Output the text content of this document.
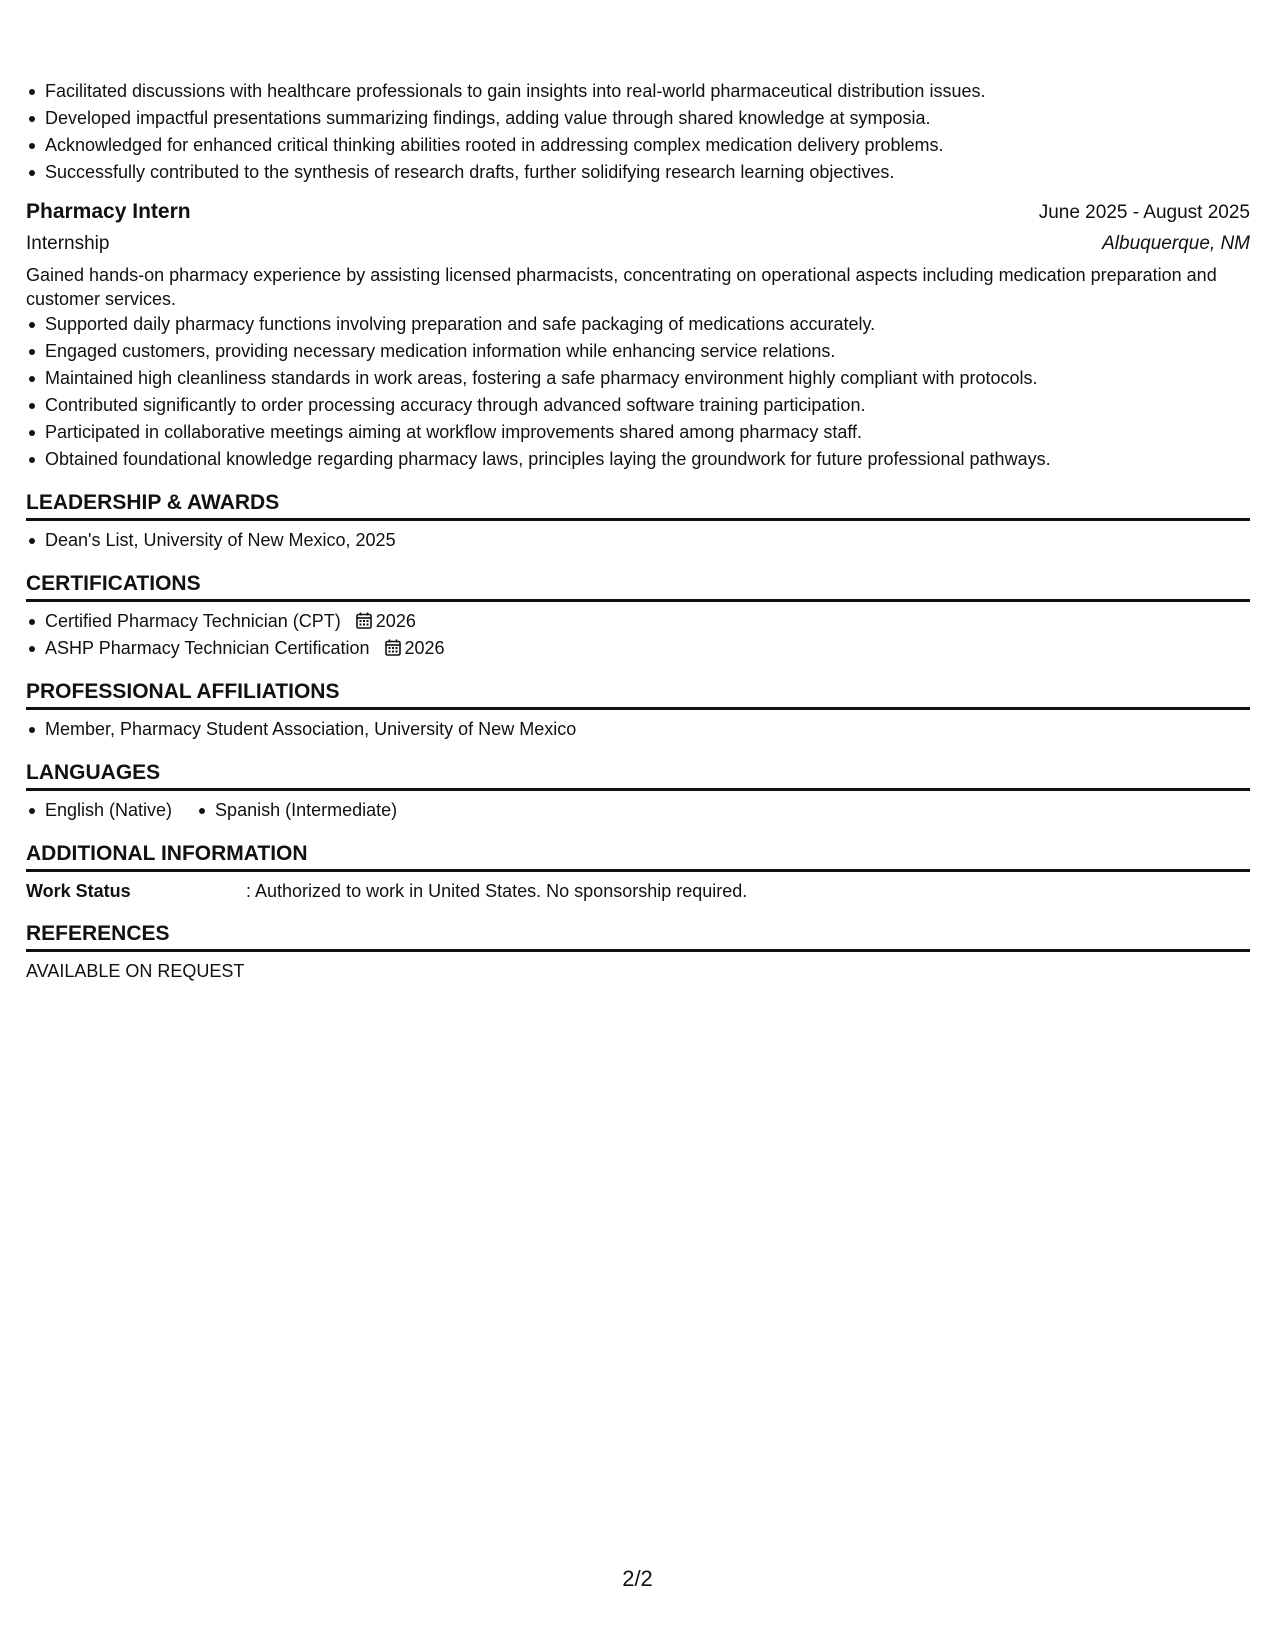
Facilitated discussions with healthcare professionals to gain insights into real-world pharmaceutical distribution issues.
Developed impactful presentations summarizing findings, adding value through shared knowledge at symposia.
Acknowledged for enhanced critical thinking abilities rooted in addressing complex medication delivery problems.
Successfully contributed to the synthesis of research drafts, further solidifying research learning objectives.
Pharmacy Intern	June 2025 - August 2025
Internship	Albuquerque, NM
Gained hands-on pharmacy experience by assisting licensed pharmacists, concentrating on operational aspects including medication preparation and customer services.
Supported daily pharmacy functions involving preparation and safe packaging of medications accurately.
Engaged customers, providing necessary medication information while enhancing service relations.
Maintained high cleanliness standards in work areas, fostering a safe pharmacy environment highly compliant with protocols.
Contributed significantly to order processing accuracy through advanced software training participation.
Participated in collaborative meetings aiming at workflow improvements shared among pharmacy staff.
Obtained foundational knowledge regarding pharmacy laws, principles laying the groundwork for future professional pathways.
LEADERSHIP & AWARDS
Dean's List, University of New Mexico, 2025
CERTIFICATIONS
Certified Pharmacy Technician (CPT) 2026
ASHP Pharmacy Technician Certification 2026
PROFESSIONAL AFFILIATIONS
Member, Pharmacy Student Association, University of New Mexico
LANGUAGES
English (Native)	Spanish (Intermediate)
ADDITIONAL INFORMATION
Work Status	: Authorized to work in United States. No sponsorship required.
REFERENCES
AVAILABLE ON REQUEST
2/2
